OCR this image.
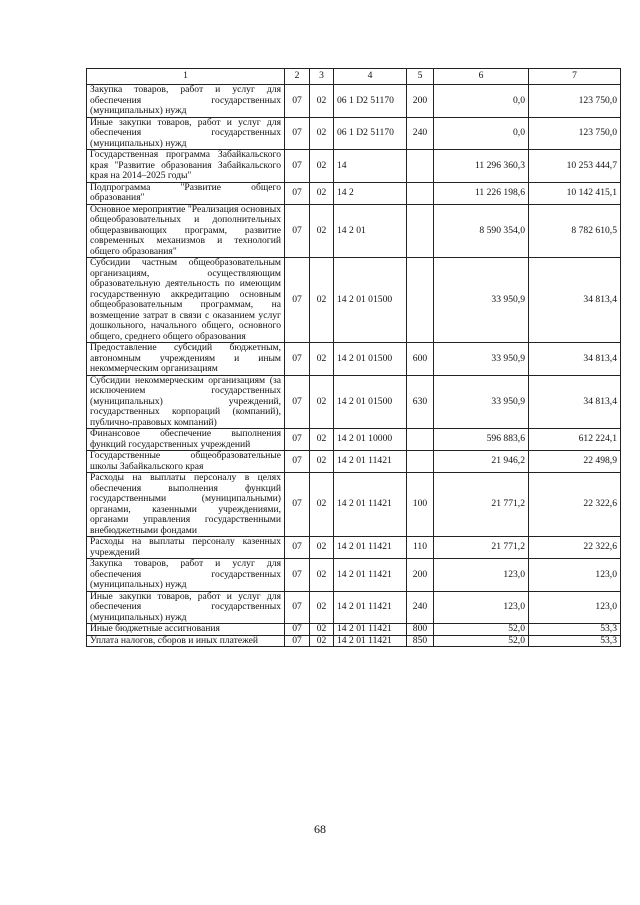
1	2	3	4	5	6	7
Закупка товаров, работ и услуг для обеспечения государственных (муниципальных) нужд	07	02	06 1 D2 51170	200	0,0	123 750,0
Иные закупки товаров, работ и услуг для обеспечения государственных (муниципальных) нужд	07	02	06 1 D2 51170	240	0,0	123 750,0
Государственная программа Забайкальского края "Развитие образования Забайкальского края на 2014–2025 годы"	07	02	14		11 296 360,3	10 253 444,7
Подпрограмма "Развитие общего образования"	07	02	14 2		11 226 198,6	10 142 415,1
Основное мероприятие "Реализация основных общеобразовательных и дополнительных общеразвивающих программ, развитие современных механизмов и технологий общего образования"	07	02	14 2 01		8 590 354,0	8 782 610,5
Субсидии частным общеобразовательным организациям, осуществляющим образовательную деятельность по имеющим государственную аккредитацию основным общеобразовательным программам, на возмещение затрат в связи с оказанием услуг дошкольного, начального общего, основного общего, среднего общего образования	07	02	14 2 01 01500		33 950,9	34 813,4
Предоставление субсидий бюджетным, автономным учреждениям и иным некоммерческим организациям	07	02	14 2 01 01500	600	33 950,9	34 813,4
Субсидии некоммерческим организациям (за исключением государственных (муниципальных) учреждений, государственных корпораций (компаний), публично-правовых компаний)	07	02	14 2 01 01500	630	33 950,9	34 813,4
Финансовое обеспечение выполнения функций государственных учреждений	07	02	14 2 01 10000		596 883,6	612 224,1
Государственные общеобразовательные школы Забайкальского края	07	02	14 2 01 11421		21 946,2	22 498,9
Расходы на выплаты персоналу в целях обеспечения выполнения функций государственными (муниципальными) органами, казенными учреждениями, органами управления государственными внебюджетными фондами	07	02	14 2 01 11421	100	21 771,2	22 322,6
Расходы на выплаты персоналу казенных учреждений	07	02	14 2 01 11421	110	21 771,2	22 322,6
Закупка товаров, работ и услуг для обеспечения государственных (муниципальных) нужд	07	02	14 2 01 11421	200	123,0	123,0
Иные закупки товаров, работ и услуг для обеспечения государственных (муниципальных) нужд	07	02	14 2 01 11421	240	123,0	123,0
Иные бюджетные ассигнования	07	02	14 2 01 11421	800	52,0	53,3
Уплата налогов, сборов и иных платежей	07	02	14 2 01 11421	850	52,0	53,3
68
